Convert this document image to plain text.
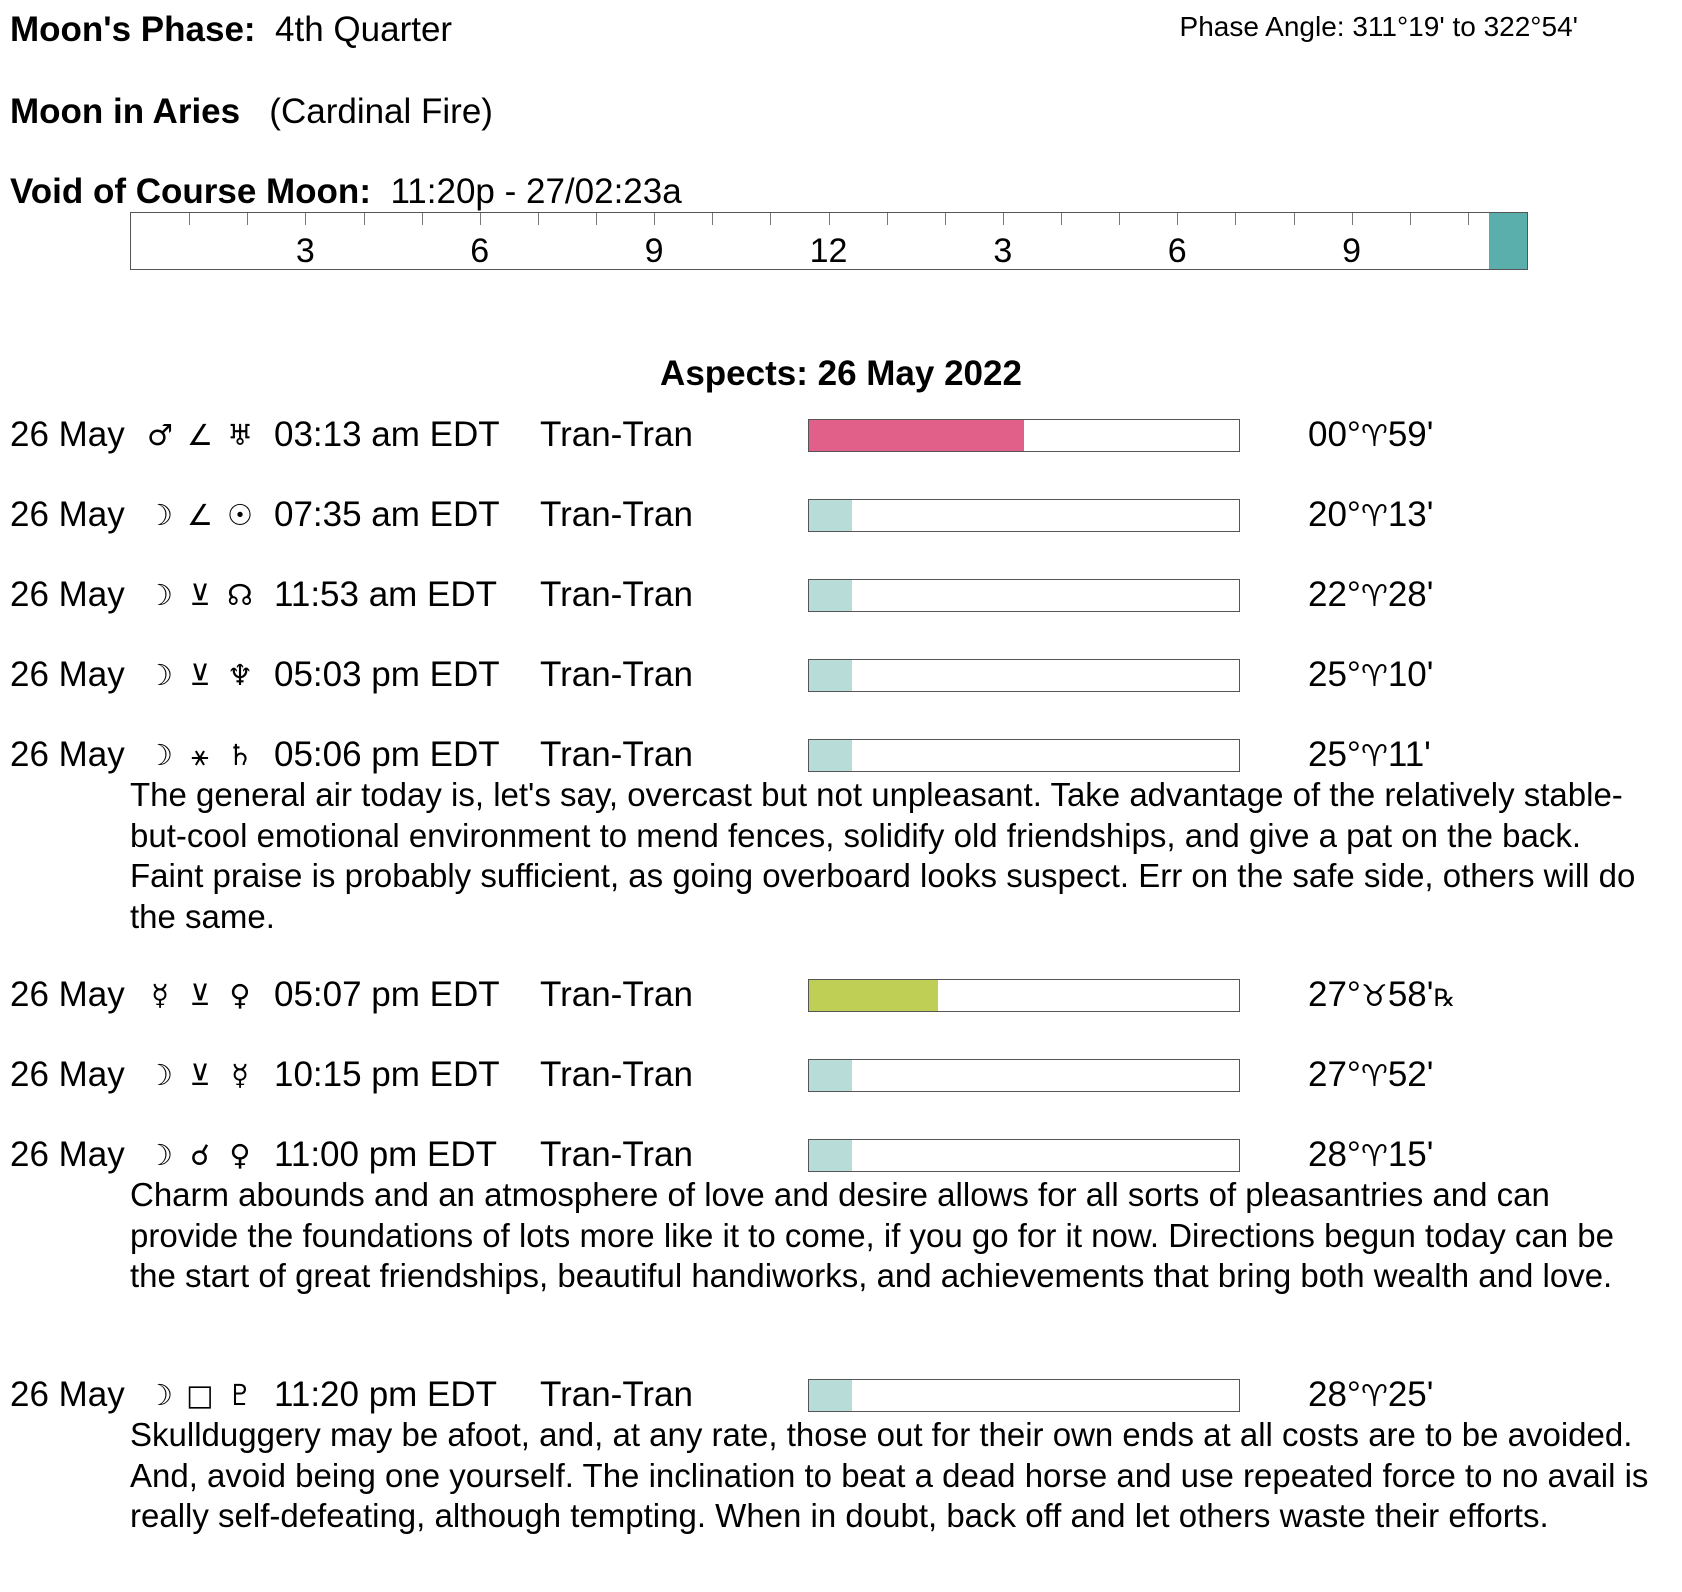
Moon's Phase: 4th Quarter	Phase Angle: 311°19' to 322°54'
Moon in Aries (Cardinal Fire)
Void of Course Moon: 11:20p - 27/02:23a
3	6	9	12	3	6	9
Aspects: 26 May 2022
26 May ♂ ∠ ♅ 03:13 am EDT Tran-Tran	00°♈59'
26 May ☽ ∠ ☉ 07:35 am EDT Tran-Tran	20°♈13'
26 May ☽ ⊻ ☊ 11:53 am EDT Tran-Tran	22°♈28'
26 May ☽ ⊻ ♆ 05:03 pm EDT Tran-Tran	25°♈10'
26 May ☽ ⚹ ♄ 05:06 pm EDT Tran-Tran	25°♈11'
The general air today is, let's say, overcast but not unpleasant. Take advantage of the relatively stable-but-cool emotional environment to mend fences, solidify old friendships, and give a pat on the back. Faint praise is probably sufficient, as going overboard looks suspect. Err on the safe side, others will do the same.
26 May ☿ ⊻ ♀ 05:07 pm EDT Tran-Tran	27°♉58'℞
26 May ☽ ⊻ ☿ 10:15 pm EDT Tran-Tran	27°♈52'
26 May ☽ ☌ ♀ 11:00 pm EDT Tran-Tran	28°♈15'
Charm abounds and an atmosphere of love and desire allows for all sorts of pleasantries and can provide the foundations of lots more like it to come, if you go for it now. Directions begun today can be the start of great friendships, beautiful handiworks, and achievements that bring both wealth and love.
26 May ☽ □ ♇ 11:20 pm EDT Tran-Tran	28°♈25'
Skullduggery may be afoot, and, at any rate, those out for their own ends at all costs are to be avoided. And, avoid being one yourself. The inclination to beat a dead horse and use repeated force to no avail is really self-defeating, although tempting. When in doubt, back off and let others waste their efforts.
